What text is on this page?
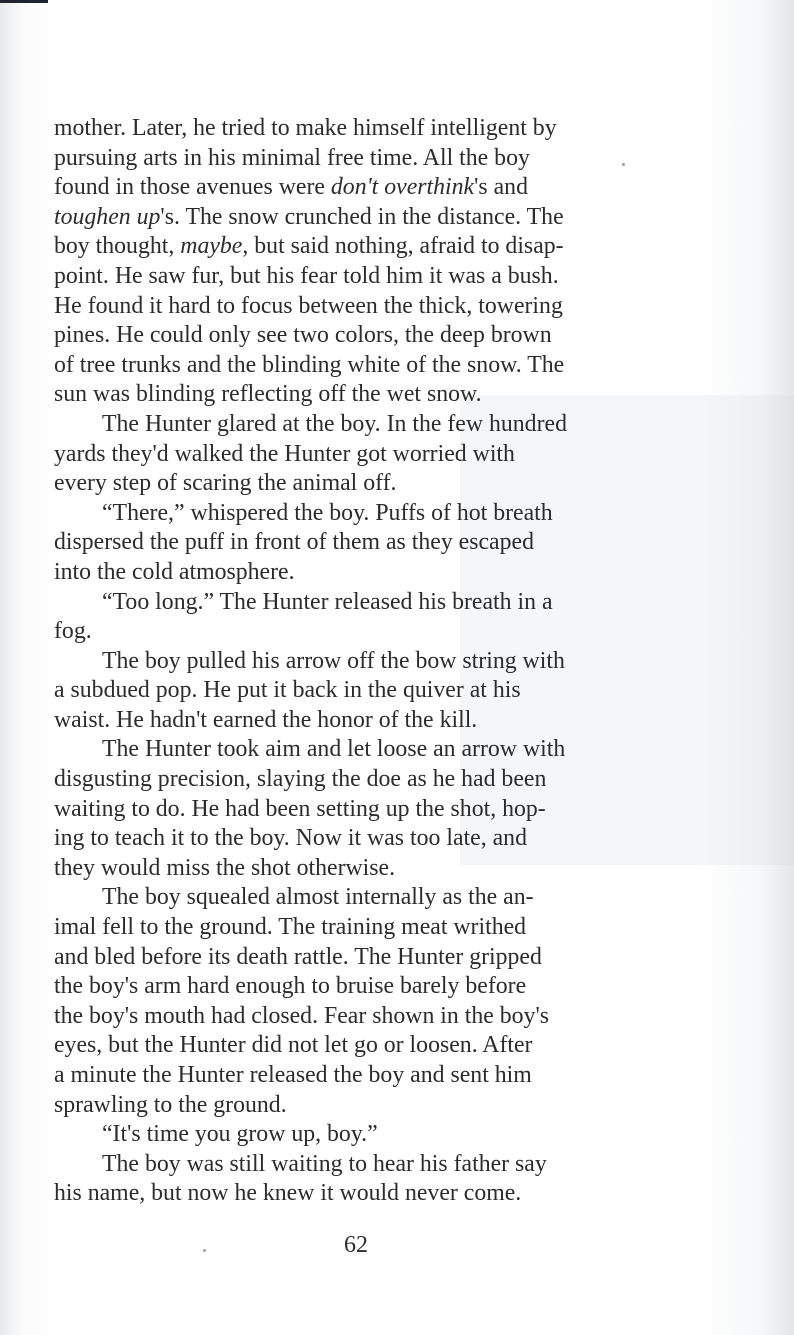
mother. Later, he tried to make himself intelligent by
pursuing arts in his minimal free time. All the boy
found in those avenues were don't overthink's and
toughen up's. The snow crunched in the distance. The
boy thought, maybe, but said nothing, afraid to disap-
point. He saw fur, but his fear told him it was a bush.
He found it hard to focus between the thick, towering
pines. He could only see two colors, the deep brown
of tree trunks and the blinding white of the snow. The
sun was blinding reflecting off the wet snow.
The Hunter glared at the boy. In the few hundred
yards they'd walked the Hunter got worried with
every step of scaring the animal off.
“There,” whispered the boy. Puffs of hot breath
dispersed the puff in front of them as they escaped
into the cold atmosphere.
“Too long.” The Hunter released his breath in a
fog.
The boy pulled his arrow off the bow string with
a subdued pop. He put it back in the quiver at his
waist. He hadn't earned the honor of the kill.
The Hunter took aim and let loose an arrow with
disgusting precision, slaying the doe as he had been
waiting to do. He had been setting up the shot, hop-
ing to teach it to the boy. Now it was too late, and
they would miss the shot otherwise.
The boy squealed almost internally as the an-
imal fell to the ground. The training meat writhed
and bled before its death rattle. The Hunter gripped
the boy's arm hard enough to bruise barely before
the boy's mouth had closed. Fear shown in the boy's
eyes, but the Hunter did not let go or loosen. After
a minute the Hunter released the boy and sent him
sprawling to the ground.
“It's time you grow up, boy.”
The boy was still waiting to hear his father say
his name, but now he knew it would never come.
62
